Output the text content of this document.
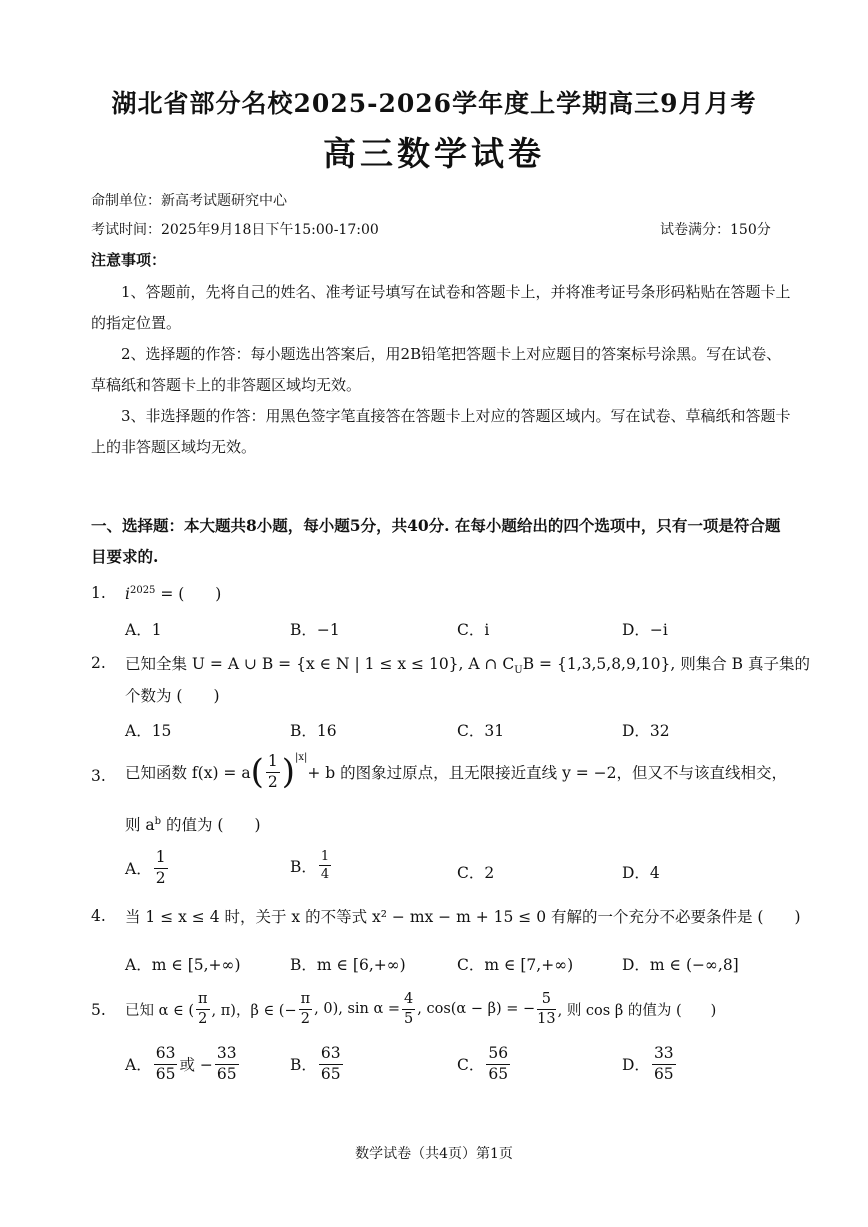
湖北省部分名校2025-2026学年度上学期高三9月月考
高三数学试卷
命制单位：新高考试题研究中心
考试时间：2025年9月18日下午15:00-17:00	试卷满分：150分
注意事项：
1、答题前，先将自己的姓名、准考证号填写在试卷和答题卡上，并将准考证号条形码粘贴在答题卡上的指定位置。
2、选择题的作答：每小题选出答案后，用2B铅笔把答题卡上对应题目的答案标号涂黑。写在试卷、草稿纸和答题卡上的非答题区域均无效。
3、非选择题的作答：用黑色签字笔直接答在答题卡上对应的答题区域内。写在试卷、草稿纸和答题卡上的非答题区域均无效。
一、选择题：本大题共8小题，每小题5分，共40分. 在每小题给出的四个选项中，只有一项是符合题目要求的.
1. $i^{2025}$ = (　　)
A．1	B．−1	C．i	D．−i
2. 已知全集 U = A ∪ B = {x ∈ N | 1 ≤ x ≤ 10}, A ∩ $C_UB = \{1,3,5,8,9,10\}$, 则集合 B 真子集的
个数为 (　　)
A．15	B．16	C．31	D．32
3. 已知函数 f(x) = a ( $\frac{1}{2} )^{|x|}$
+ b 的图象过原点，且无限接近直线 y = −2，但又不与该直线相交，
则 $a^b$ 的值为 (　　)
A． $\frac{1}{2}$	B． $\frac{1}{4}$	C．2	D．4
4. 当 1 ≤ x ≤ 4 时，关于 x 的不等式 x² − mx − m + 15 ≤ 0 有解的一个充分不必要条件是 (　　)
A．m ∈ [5,+∞)	B．m ∈ [6,+∞)	C．m ∈ [7,+∞)	D．m ∈ (−∞,8]
5. 已知 α ∈ ( $\frac{\pi}{2}$ , π)，β ∈ (− $\frac{\pi}{2}$ , 0), $\sin \alpha = \frac{4}{5}$ , cos(α − β) = − $\frac{5}{13}$ , 则 cos β 的值为 (　　)
A． $\frac{63}{65}$ 或 − $\frac{33}{65}$	B． $\frac{63}{65}$	C． $\frac{56}{65}$	D． $\frac{33}{65}$
数学试卷（共4页）第1页
